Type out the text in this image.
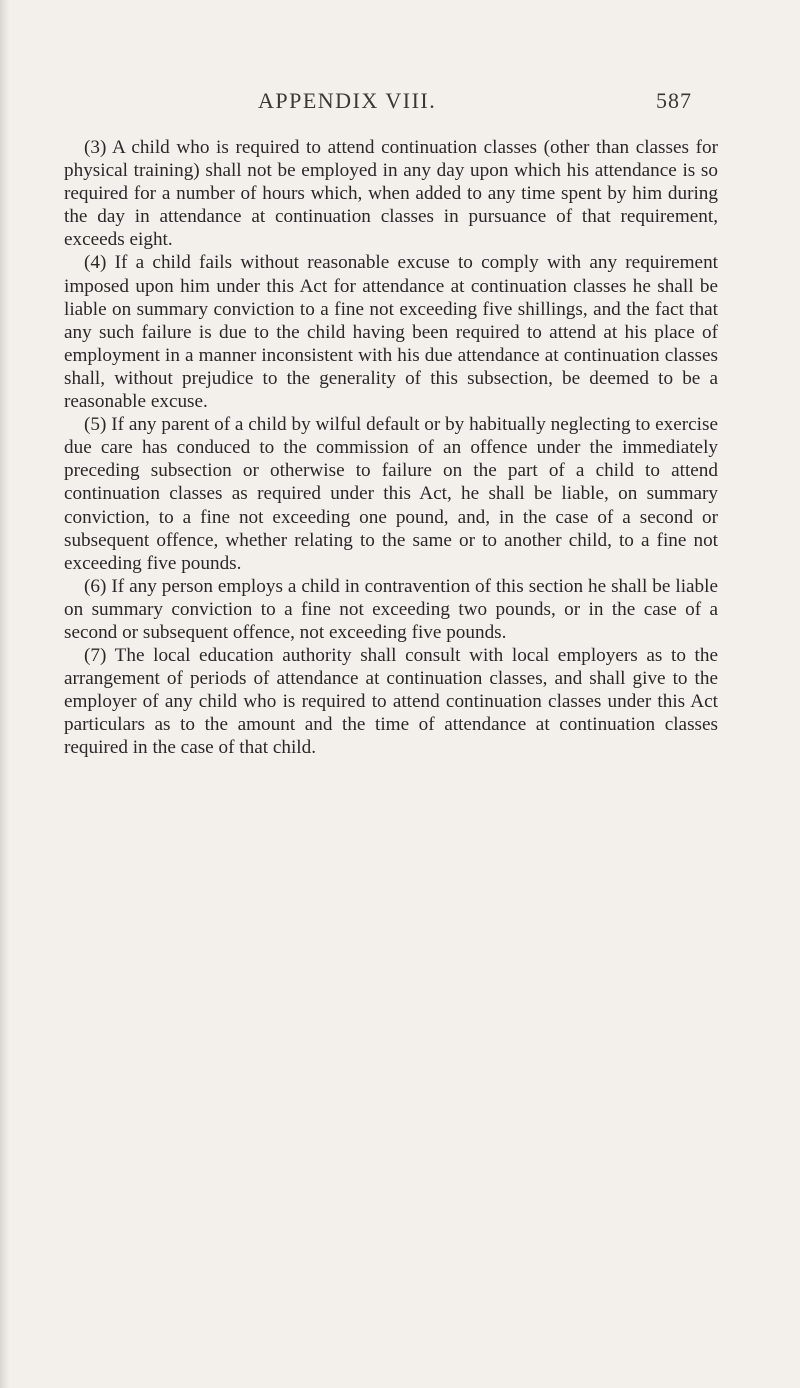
APPENDIX VIII.	587

(3) A child who is required to attend continuation classes (other than classes for physical training) shall not be employed in any day upon which his attendance is so required for a number of hours which, when added to any time spent by him during the day in attendance at continuation classes in pursuance of that requirement, exceeds eight.

(4) If a child fails without reasonable excuse to comply with any requirement imposed upon him under this Act for attendance at continuation classes he shall be liable on summary conviction to a fine not exceeding five shillings, and the fact that any such failure is due to the child having been required to attend at his place of employment in a manner inconsistent with his due attendance at continuation classes shall, without prejudice to the generality of this subsection, be deemed to be a reasonable excuse.

(5) If any parent of a child by wilful default or by habitually neglecting to exercise due care has conduced to the commission of an offence under the immediately preceding subsection or otherwise to failure on the part of a child to attend continuation classes as required under this Act, he shall be liable, on summary conviction, to a fine not exceeding one pound, and, in the case of a second or subsequent offence, whether relating to the same or to another child, to a fine not exceeding five pounds.

(6) If any person employs a child in contravention of this section he shall be liable on summary conviction to a fine not exceeding two pounds, or in the case of a second or subsequent offence, not exceeding five pounds.

(7) The local education authority shall consult with local employers as to the arrangement of periods of attendance at continuation classes, and shall give to the employer of any child who is required to attend continuation classes under this Act particulars as to the amount and the time of attendance at continuation classes required in the case of that child.
